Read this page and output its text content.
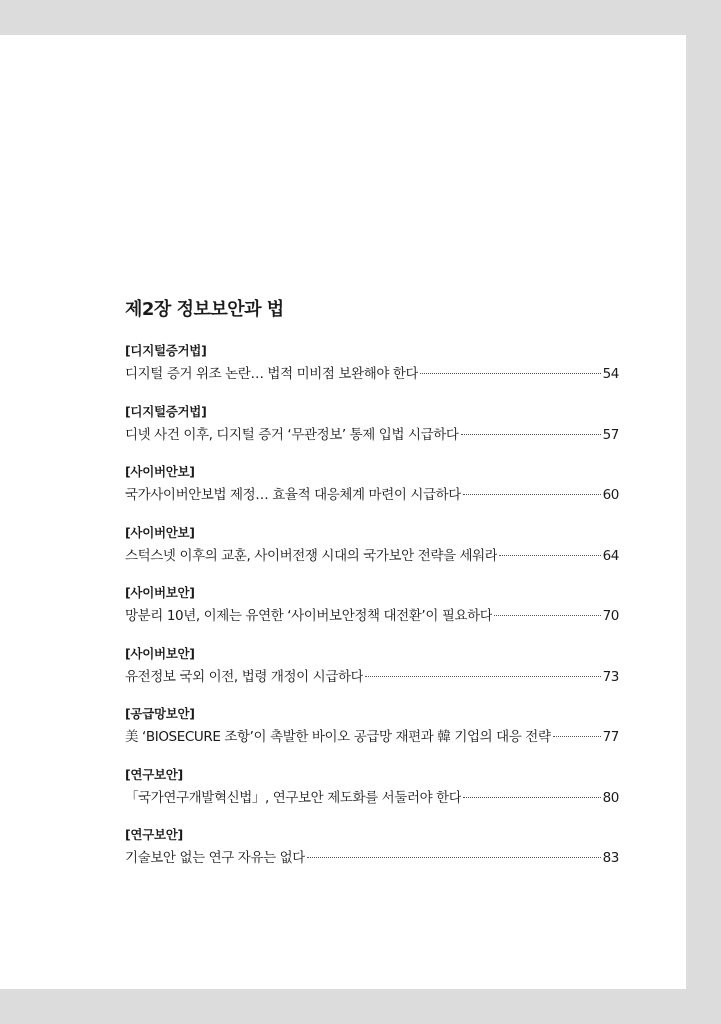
제2장 정보보안과 법
[디지털증거법]
디지털 증거 위조 논란… 법적 미비점 보완해야 한다	54
[디지털증거법]
디넷 사건 이후, 디지털 증거 ‘무관정보’ 통제 입법 시급하다	57
[사이버안보]
국가사이버안보법 제정… 효율적 대응체계 마련이 시급하다	60
[사이버안보]
스턱스넷 이후의 교훈, 사이버전쟁 시대의 국가보안 전략을 세워라	64
[사이버보안]
망분리 10년, 이제는 유연한 ‘사이버보안정책 대전환’이 필요하다	70
[사이버보안]
유전정보 국외 이전, 법령 개정이 시급하다	73
[공급망보안]
美 ‘BIOSECURE 조항’이 촉발한 바이오 공급망 재편과 韓 기업의 대응 전략	77
[연구보안]
「국가연구개발혁신법」, 연구보안 제도화를 서둘러야 한다	80
[연구보안]
기술보안 없는 연구 자유는 없다	83
